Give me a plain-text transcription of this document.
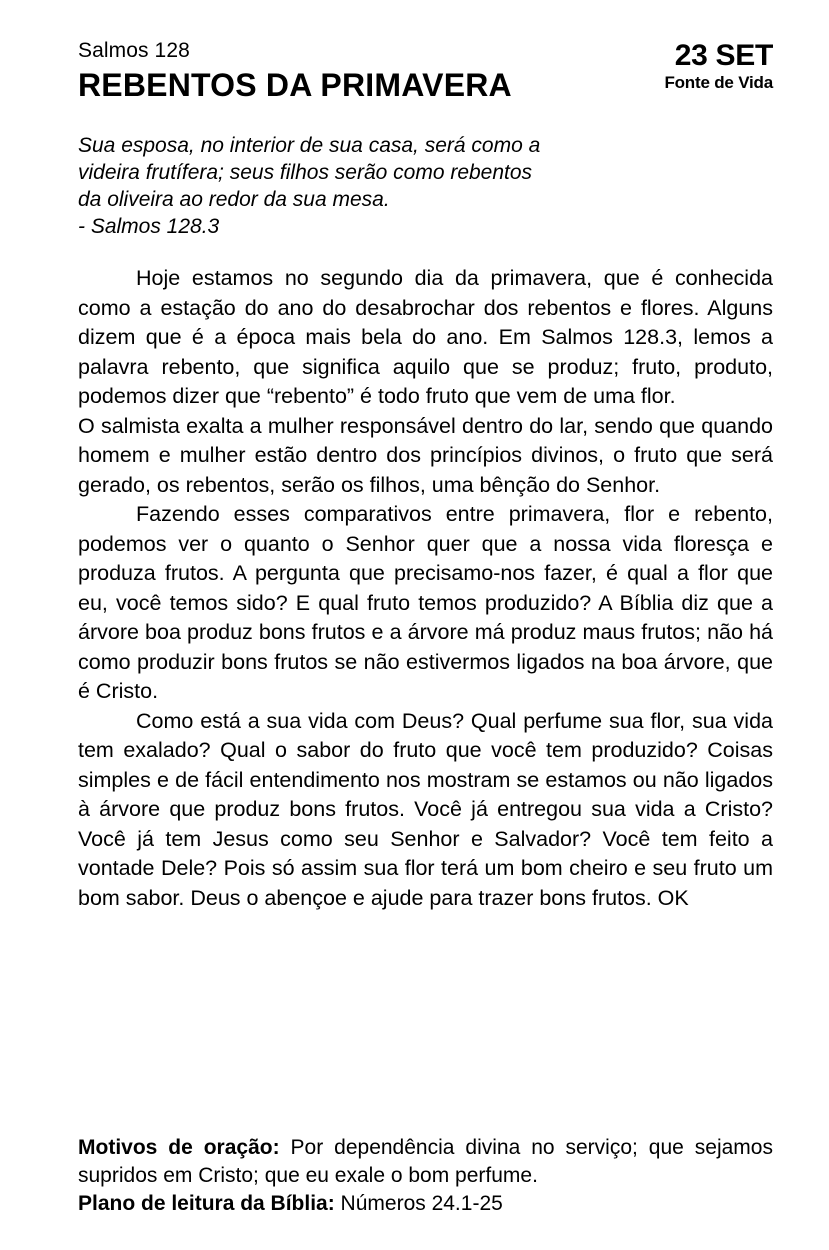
Salmos 128
REBENTOS DA PRIMAVERA
23 SET
Fonte de Vida
Sua esposa, no interior de sua casa, será como a
videira frutífera; seus filhos serão como rebentos
da oliveira ao redor da sua mesa.
- Salmos 128.3

Hoje estamos no segundo dia da primavera, que é conhecida como a estação do ano do desabrochar dos rebentos e flores. Alguns dizem que é a época mais bela do ano. Em Salmos 128.3, lemos a palavra rebento, que significa aquilo que se produz; fruto, produto, podemos dizer que “rebento” é todo fruto que vem de uma flor.

O salmista exalta a mulher responsável dentro do lar, sendo que quando homem e mulher estão dentro dos princípios divinos, o fruto que será gerado, os rebentos, serão os filhos, uma bênção do Senhor.

Fazendo esses comparativos entre primavera, flor e rebento, podemos ver o quanto o Senhor quer que a nossa vida floresça e produza frutos. A pergunta que precisamo-nos fazer, é qual a flor que eu, você temos sido? E qual fruto temos produzido? A Bíblia diz que a árvore boa produz bons frutos e a árvore má produz maus frutos; não há como produzir bons frutos se não estivermos ligados na boa árvore, que é Cristo.

Como está a sua vida com Deus? Qual perfume sua flor, sua vida tem exalado? Qual o sabor do fruto que você tem produzido? Coisas simples e de fácil entendimento nos mostram se estamos ou não ligados à árvore que produz bons frutos. Você já entregou sua vida a Cristo? Você já tem Jesus como seu Senhor e Salvador? Você tem feito a vontade Dele? Pois só assim sua flor terá um bom cheiro e seu fruto um bom sabor. Deus o abençoe e ajude para trazer bons frutos. OK

Motivos de oração: Por dependência divina no serviço; que sejamos supridos em Cristo; que eu exale o bom perfume.

Plano de leitura da Bíblia: Números 24.1-25
